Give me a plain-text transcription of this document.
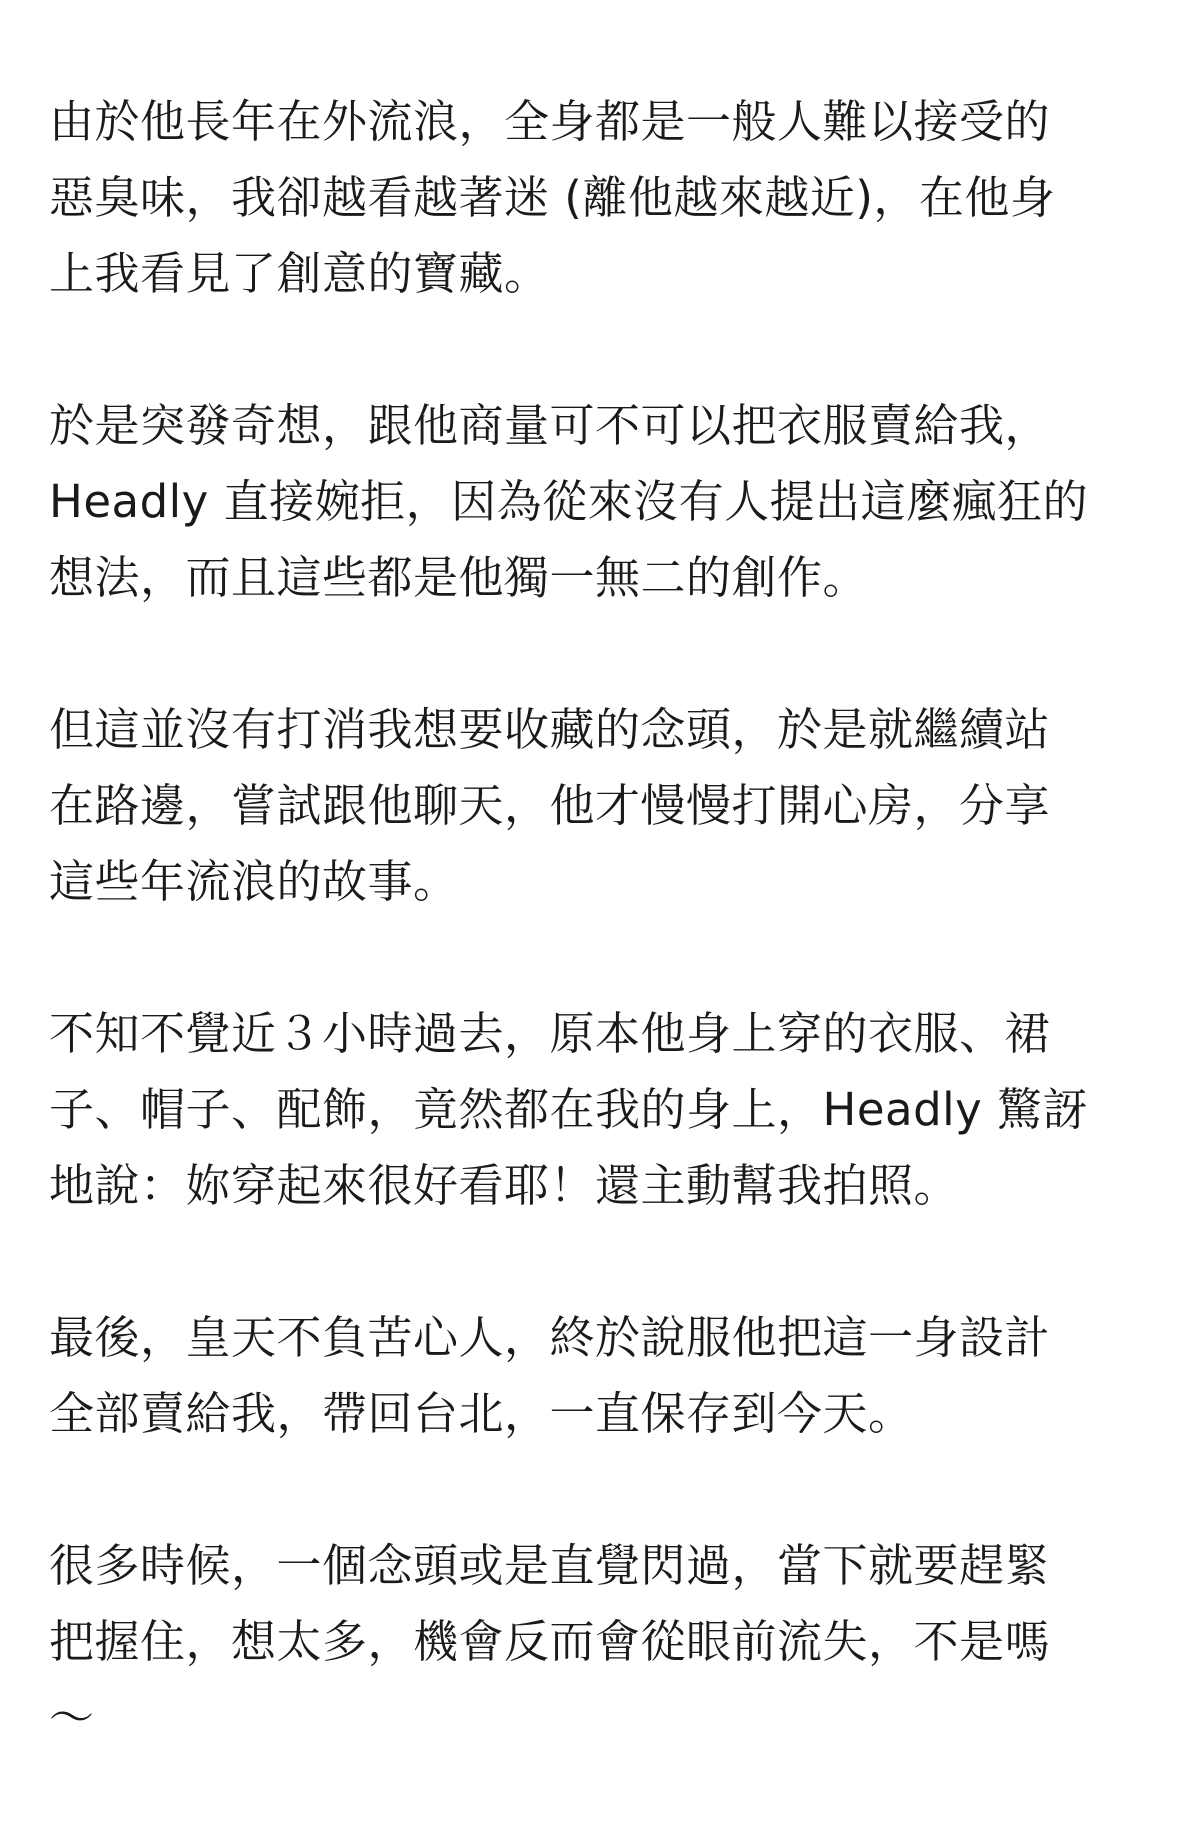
由於他長年在外流浪，全身都是一般人難以接受的
惡臭味，我卻越看越著迷 (離他越來越近)，在他身
上我看見了創意的寶藏。

於是突發奇想，跟他商量可不可以把衣服賣給我，
Headly 直接婉拒，因為從來沒有人提出這麼瘋狂的
想法，而且這些都是他獨一無二的創作。

但這並沒有打消我想要收藏的念頭，於是就繼續站
在路邊，嘗試跟他聊天，他才慢慢打開心房，分享
這些年流浪的故事。

不知不覺近３小時過去，原本他身上穿的衣服、裙
子、帽子、配飾，竟然都在我的身上，Headly 驚訝
地說：妳穿起來很好看耶！還主動幫我拍照。

最後，皇天不負苦心人，終於說服他把這一身設計
全部賣給我，帶回台北，一直保存到今天。

很多時候，一個念頭或是直覺閃過，當下就要趕緊
把握住，想太多，機會反而會從眼前流失，不是嗎
～
